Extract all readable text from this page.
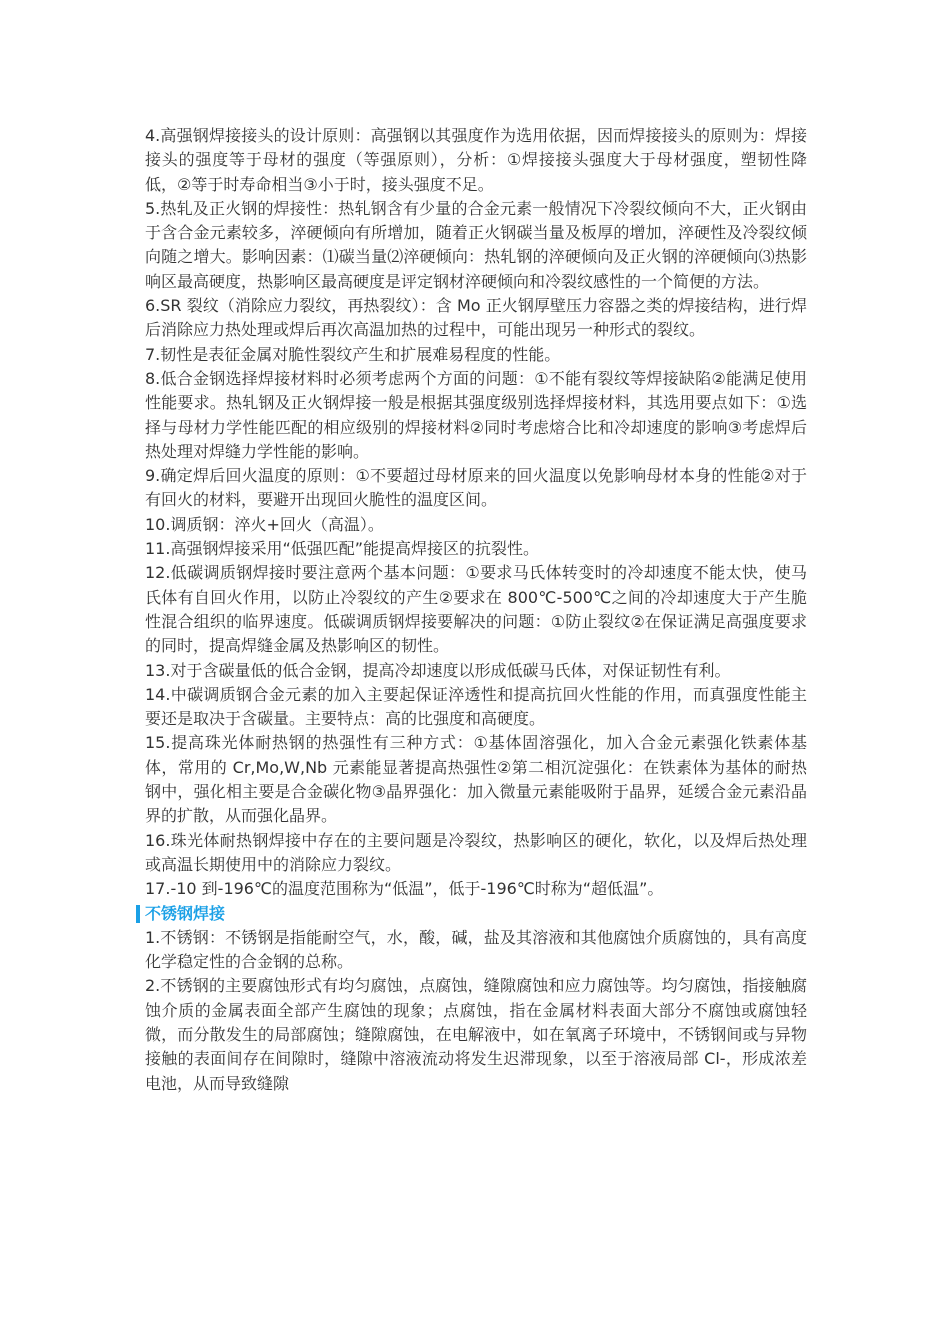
4.高强钢焊接接头的设计原则：高强钢以其强度作为选用依据，因而焊接接头的原则为：焊接接头的强度等于母材的强度（等强原则），分析：①焊接接头强度大于母材强度，塑韧性降低，②等于时寿命相当③小于时，接头强度不足。

5.热轧及正火钢的焊接性：热轧钢含有少量的合金元素一般情况下冷裂纹倾向不大，正火钢由于含合金元素较多，淬硬倾向有所增加，随着正火钢碳当量及板厚的增加，淬硬性及冷裂纹倾向随之增大。影响因素：⑴碳当量⑵淬硬倾向：热轧钢的淬硬倾向及正火钢的淬硬倾向⑶热影响区最高硬度，热影响区最高硬度是评定钢材淬硬倾向和冷裂纹感性的一个简便的方法。

6.SR 裂纹（消除应力裂纹，再热裂纹）：含 Mo 正火钢厚壁压力容器之类的焊接结构，进行焊后消除应力热处理或焊后再次高温加热的过程中，可能出现另一种形式的裂纹。

7.韧性是表征金属对脆性裂纹产生和扩展难易程度的性能。

8.低合金钢选择焊接材料时必须考虑两个方面的问题：①不能有裂纹等焊接缺陷②能满足使用性能要求。热轧钢及正火钢焊接一般是根据其强度级别选择焊接材料，其选用要点如下：①选择与母材力学性能匹配的相应级别的焊接材料②同时考虑熔合比和冷却速度的影响③考虑焊后热处理对焊缝力学性能的影响。

9.确定焊后回火温度的原则：①不要超过母材原来的回火温度以免影响母材本身的性能②对于有回火的材料，要避开出现回火脆性的温度区间。

10.调质钢：淬火+回火（高温）。

11.高强钢焊接采用“低强匹配”能提高焊接区的抗裂性。

12.低碳调质钢焊接时要注意两个基本问题：①要求马氏体转变时的冷却速度不能太快，使马氏体有自回火作用，以防止冷裂纹的产生②要求在 800℃-500℃之间的冷却速度大于产生脆性混合组织的临界速度。低碳调质钢焊接要解决的问题：①防止裂纹②在保证满足高强度要求的同时，提高焊缝金属及热影响区的韧性。

13.对于含碳量低的低合金钢，提高冷却速度以形成低碳马氏体，对保证韧性有利。

14.中碳调质钢合金元素的加入主要起保证淬透性和提高抗回火性能的作用，而真强度性能主要还是取决于含碳量。主要特点：高的比强度和高硬度。

15.提高珠光体耐热钢的热强性有三种方式：①基体固溶强化，加入合金元素强化铁素体基体，常用的 Cr,Mo,W,Nb 元素能显著提高热强性②第二相沉淀强化：在铁素体为基体的耐热钢中，强化相主要是合金碳化物③晶界强化：加入微量元素能吸附于晶界，延缓合金元素沿晶界的扩散，从而强化晶界。

16.珠光体耐热钢焊接中存在的主要问题是冷裂纹，热影响区的硬化，软化，以及焊后热处理或高温长期使用中的消除应力裂纹。

17.-10 到-196℃的温度范围称为“低温”，低于-196℃时称为“超低温”。

不锈钢焊接

1.不锈钢：不锈钢是指能耐空气，水，酸，碱，盐及其溶液和其他腐蚀介质腐蚀的，具有高度化学稳定性的合金钢的总称。

2.不锈钢的主要腐蚀形式有均匀腐蚀，点腐蚀，缝隙腐蚀和应力腐蚀等。均匀腐蚀，指接触腐蚀介质的金属表面全部产生腐蚀的现象；点腐蚀，指在金属材料表面大部分不腐蚀或腐蚀轻微，而分散发生的局部腐蚀；缝隙腐蚀，在电解液中，如在氧离子环境中，不锈钢间或与异物接触的表面间存在间隙时，缝隙中溶液流动将发生迟滞现象，以至于溶液局部 Cl-，形成浓差电池，从而导致缝隙
